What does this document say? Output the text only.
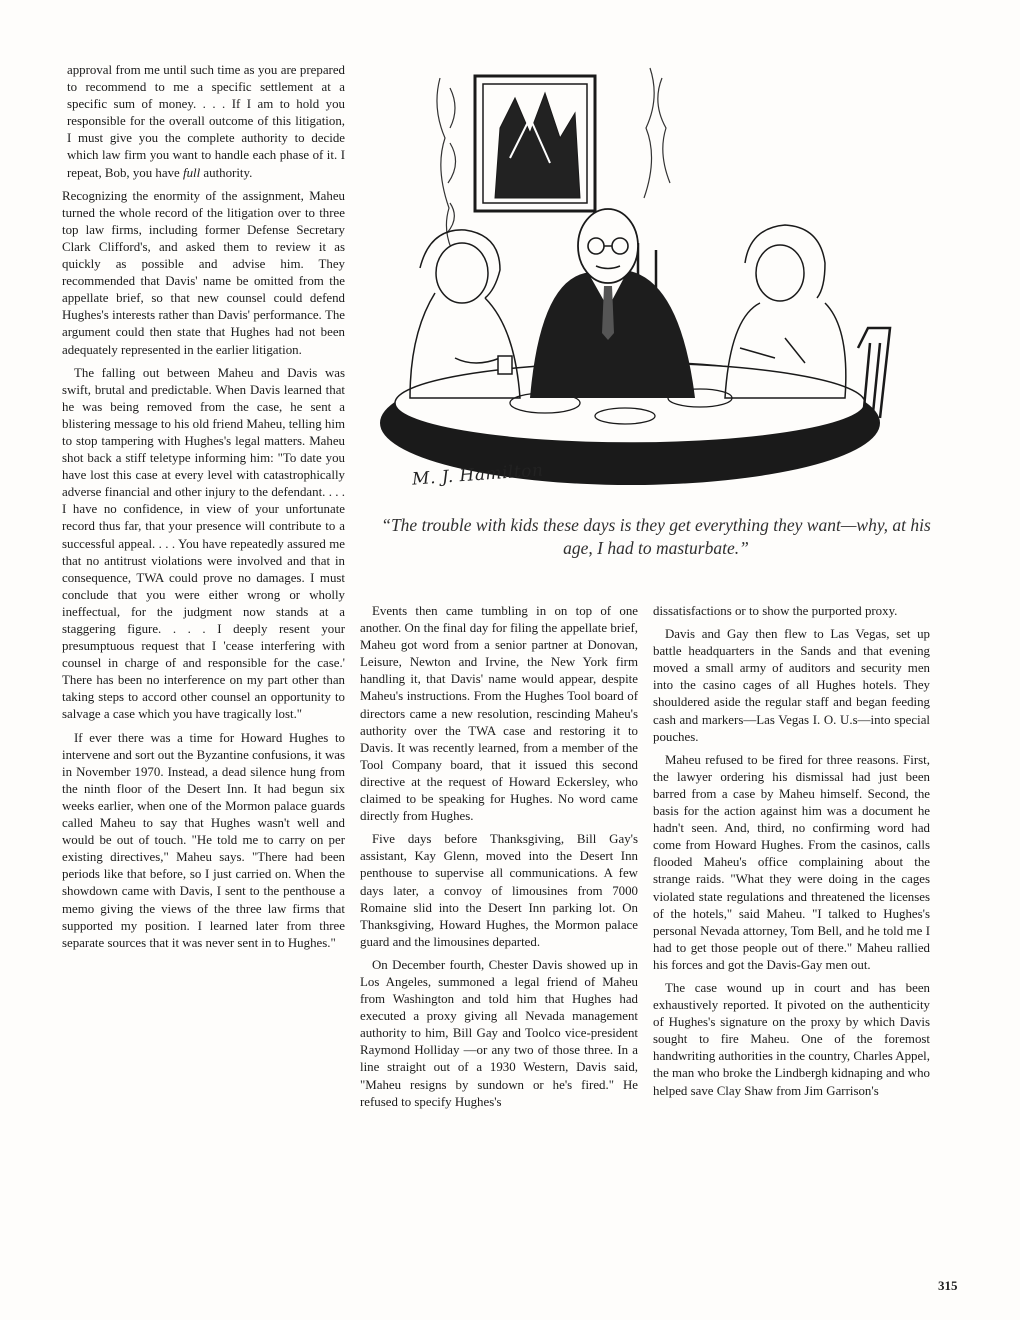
approval from me until such time as you are prepared to recommend to me a specific settlement at a specific sum of money. . . . If I am to hold you responsible for the overall outcome of this litigation, I must give you the complete authority to decide which law firm you want to handle each phase of it. I repeat, Bob, you have full authority.

Recognizing the enormity of the assignment, Maheu turned the whole record of the litigation over to three top law firms, including former Defense Secretary Clark Clifford's, and asked them to review it as quickly as possible and advise him. They recommended that Davis' name be omitted from the appellate brief, so that new counsel could defend Hughes's interests rather than Davis' performance. The argument could then state that Hughes had not been adequately represented in the earlier litigation.

The falling out between Maheu and Davis was swift, brutal and predictable. When Davis learned that he was being removed from the case, he sent a blistering message to his old friend Maheu, telling him to stop tampering with Hughes's legal matters. Maheu shot back a stiff teletype informing him: "To date you have lost this case at every level with catastrophically adverse financial and other injury to the defendant. . . . I have no confidence, in view of your unfortunate record thus far, that your presence will contribute to a successful appeal. . . . You have repeatedly assured me that no antitrust violations were involved and that in consequence, TWA could prove no damages. I must conclude that you were either wrong or wholly ineffectual, for the judgment now stands at a staggering figure. . . . I deeply resent your presumptuous request that I 'cease interfering with counsel in charge of and responsible for the case.' There has been no interference on my part other than taking steps to accord other counsel an opportunity to salvage a case which you have tragically lost."

If ever there was a time for Howard Hughes to intervene and sort out the Byzantine confusions, it was in November 1970. Instead, a dead silence hung from the ninth floor of the Desert Inn. It had begun six weeks earlier, when one of the Mormon palace guards called Maheu to say that Hughes wasn't well and would be out of touch. "He told me to carry on per existing directives," Maheu says. "There had been periods like that before, so I just carried on. When the showdown came with Davis, I sent to the penthouse a memo giving the views of the three law firms that supported my position. I learned later from three separate sources that it was never sent in to Hughes."

M. J. Hamilton
“The trouble with kids these days is they get everything they want—why, at his age, I had to masturbate.”

Events then came tumbling in on top of one another. On the final day for filing the appellate brief, Maheu got word from a senior partner at Donovan, Leisure, Newton and Irvine, the New York firm handling it, that Davis' name would appear, despite Maheu's instructions. From the Hughes Tool board of directors came a new resolution, rescinding Maheu's authority over the TWA case and restoring it to Davis. It was recently learned, from a member of the Tool Company board, that it issued this second directive at the request of Howard Eckersley, who claimed to be speaking for Hughes. No word came directly from Hughes.

Five days before Thanksgiving, Bill Gay's assistant, Kay Glenn, moved into the Desert Inn penthouse to supervise all communications. A few days later, a convoy of limousines from 7000 Romaine slid into the Desert Inn parking lot. On Thanksgiving, Howard Hughes, the Mormon palace guard and the limousines departed.

On December fourth, Chester Davis showed up in Los Angeles, summoned a legal friend of Maheu from Washington and told him that Hughes had executed a proxy giving all Nevada management authority to him, Bill Gay and Toolco vice-president Raymond Holliday —or any two of those three. In a line straight out of a 1930 Western, Davis said, "Maheu resigns by sundown or he's fired." He refused to specify Hughes's

dissatisfactions or to show the purported proxy.

Davis and Gay then flew to Las Vegas, set up battle headquarters in the Sands and that evening moved a small army of auditors and security men into the casino cages of all Hughes hotels. They shouldered aside the regular staff and began feeding cash and markers—Las Vegas I. O. U.s—into special pouches.

Maheu refused to be fired for three reasons. First, the lawyer ordering his dismissal had just been barred from a case by Maheu himself. Second, the basis for the action against him was a document he hadn't seen. And, third, no confirming word had come from Howard Hughes. From the casinos, calls flooded Maheu's office complaining about the strange raids. "What they were doing in the cages violated state regulations and threatened the licenses of the hotels," said Maheu. "I talked to Hughes's personal Nevada attorney, Tom Bell, and he told me I had to get those people out of there." Maheu rallied his forces and got the Davis-Gay men out.

The case wound up in court and has been exhaustively reported. It pivoted on the authenticity of Hughes's signature on the proxy by which Davis sought to fire Maheu. One of the foremost handwriting authorities in the country, Charles Appel, the man who broke the Lindbergh kidnaping and who helped save Clay Shaw from Jim Garrison's

315
